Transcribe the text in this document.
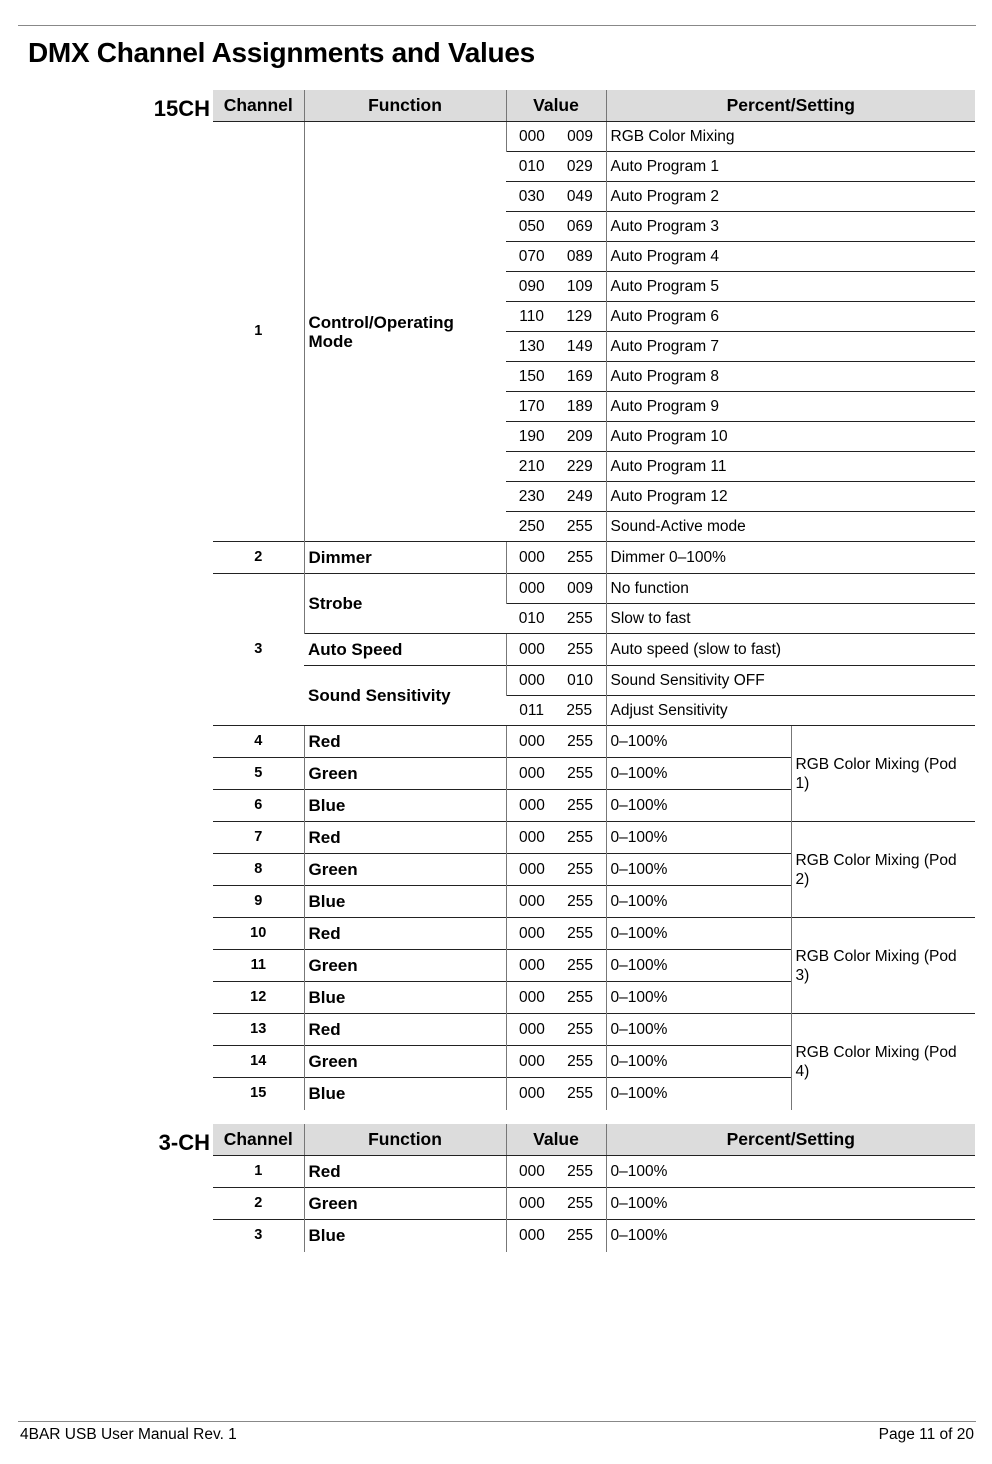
DMX Channel Assignments and Values
15CH Channel	Function	Value	Percent/Setting	
1	Control/Operating Mode	000 009	RGB Color Mixing	
		010 029	Auto Program 1	
		030 049	Auto Program 2	
		050 069	Auto Program 3	
		070 089	Auto Program 4	
		090 109	Auto Program 5	
		110 129	Auto Program 6	
		130 149	Auto Program 7	
		150 169	Auto Program 8	
		170 189	Auto Program 9	
		190 209	Auto Program 10	
		210 229	Auto Program 11	
		230 249	Auto Program 12	
		250 255	Sound-Active mode	
2	Dimmer	000 255	Dimmer 0–100%	
3	Strobe	000 009	No function	
		010 255	Slow to fast	
	Auto Speed	000 255	Auto speed (slow to fast)	
	Sound Sensitivity	000 010	Sound Sensitivity OFF	
		011 255	Adjust Sensitivity	
4	Red	000 255	0–100%	RGB Color Mixing (Pod 1)
5	Green	000 255	0–100%	
6	Blue	000 255	0–100%	
7	Red	000 255	0–100%	RGB Color Mixing (Pod 2)
8	Green	000 255	0–100%	
9	Blue	000 255	0–100%	
10	Red	000 255	0–100%	RGB Color Mixing (Pod 3)
11	Green	000 255	0–100%	
12	Blue	000 255	0–100%	
13	Red	000 255	0–100%	RGB Color Mixing (Pod 4)
14	Green	000 255	0–100%	
15	Blue	000 255	0–100%	
3-CH Channel	Function	Value	Percent/Setting
1	Red	000 255	0–100%
2	Green	000 255	0–100%
3	Blue	000 255	0–100%
4BAR USB User Manual Rev. 1	Page 11 of 20
